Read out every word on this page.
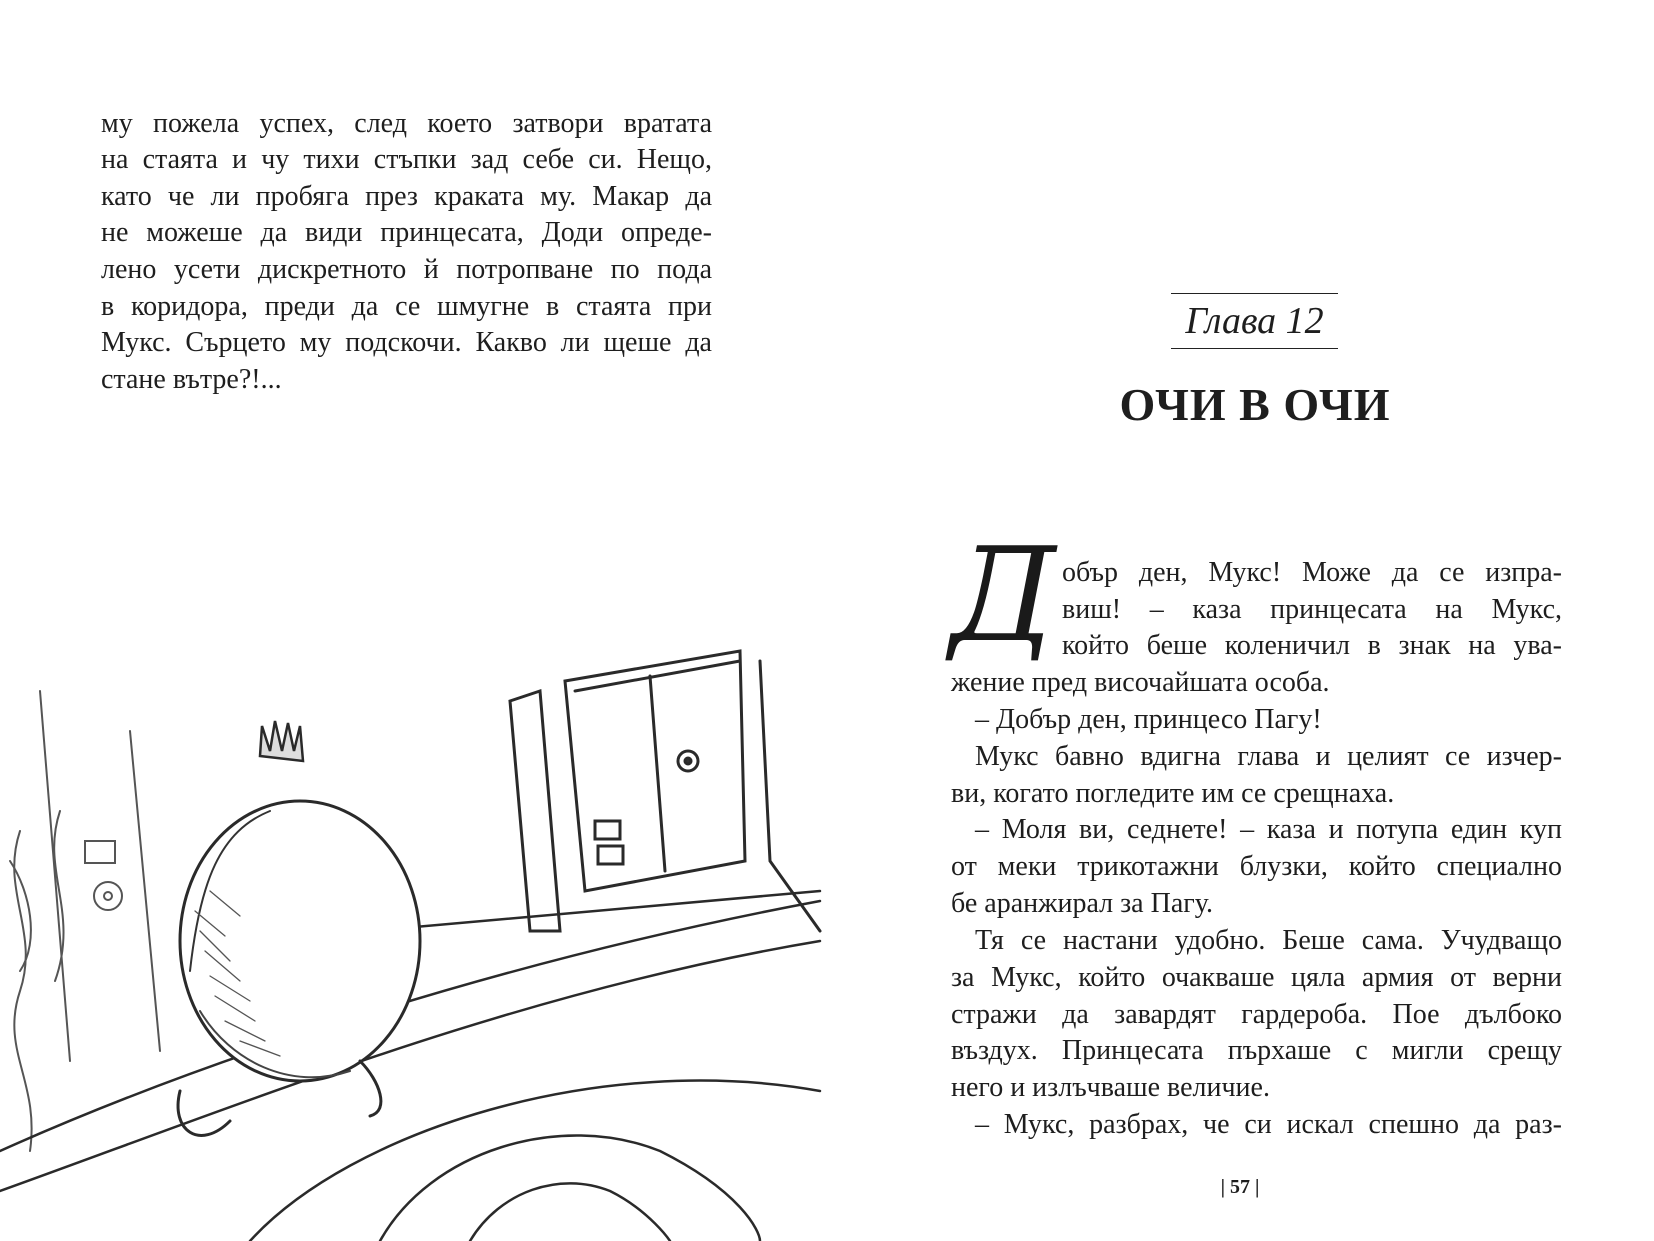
му пожела успех, след което затвори вратата
на стаята и чу тихи стъпки зад себе си. Нещо,
като че ли пробяга през краката му. Макар да
не можеше да види принцесата, Доди опреде-
лено усети дискретното й потропване по пода
в коридора, преди да се шмугне в стаята при
Мукс. Сърцето му подскочи. Какво ли щеше да
стане вътре?!...
Глава 12
ОЧИ В ОЧИ
Д обър ден, Мукс! Може да се изпра-
виш! – каза принцесата на Мукс,
който беше коленичил в знак на ува-
жение пред височайшата особа.
– Добър ден, принцесо Пагу!
Мукс бавно вдигна глава и целият се изчер-
ви, когато погледите им се срещнаха.
– Моля ви, седнете! – каза и потупа един куп
от меки трикотажни блузки, който специално
бе аранжирал за Пагу.
Тя се настани удобно. Беше сама. Учудващо
за Мукс, който очакваше цяла армия от верни
стражи да завардят гардероба. Пое дълбоко
въздух. Принцесата пърхаше с мигли срещу
него и излъчваше величие.
– Мукс, разбрах, че си искал спешно да раз-
| 57 |
